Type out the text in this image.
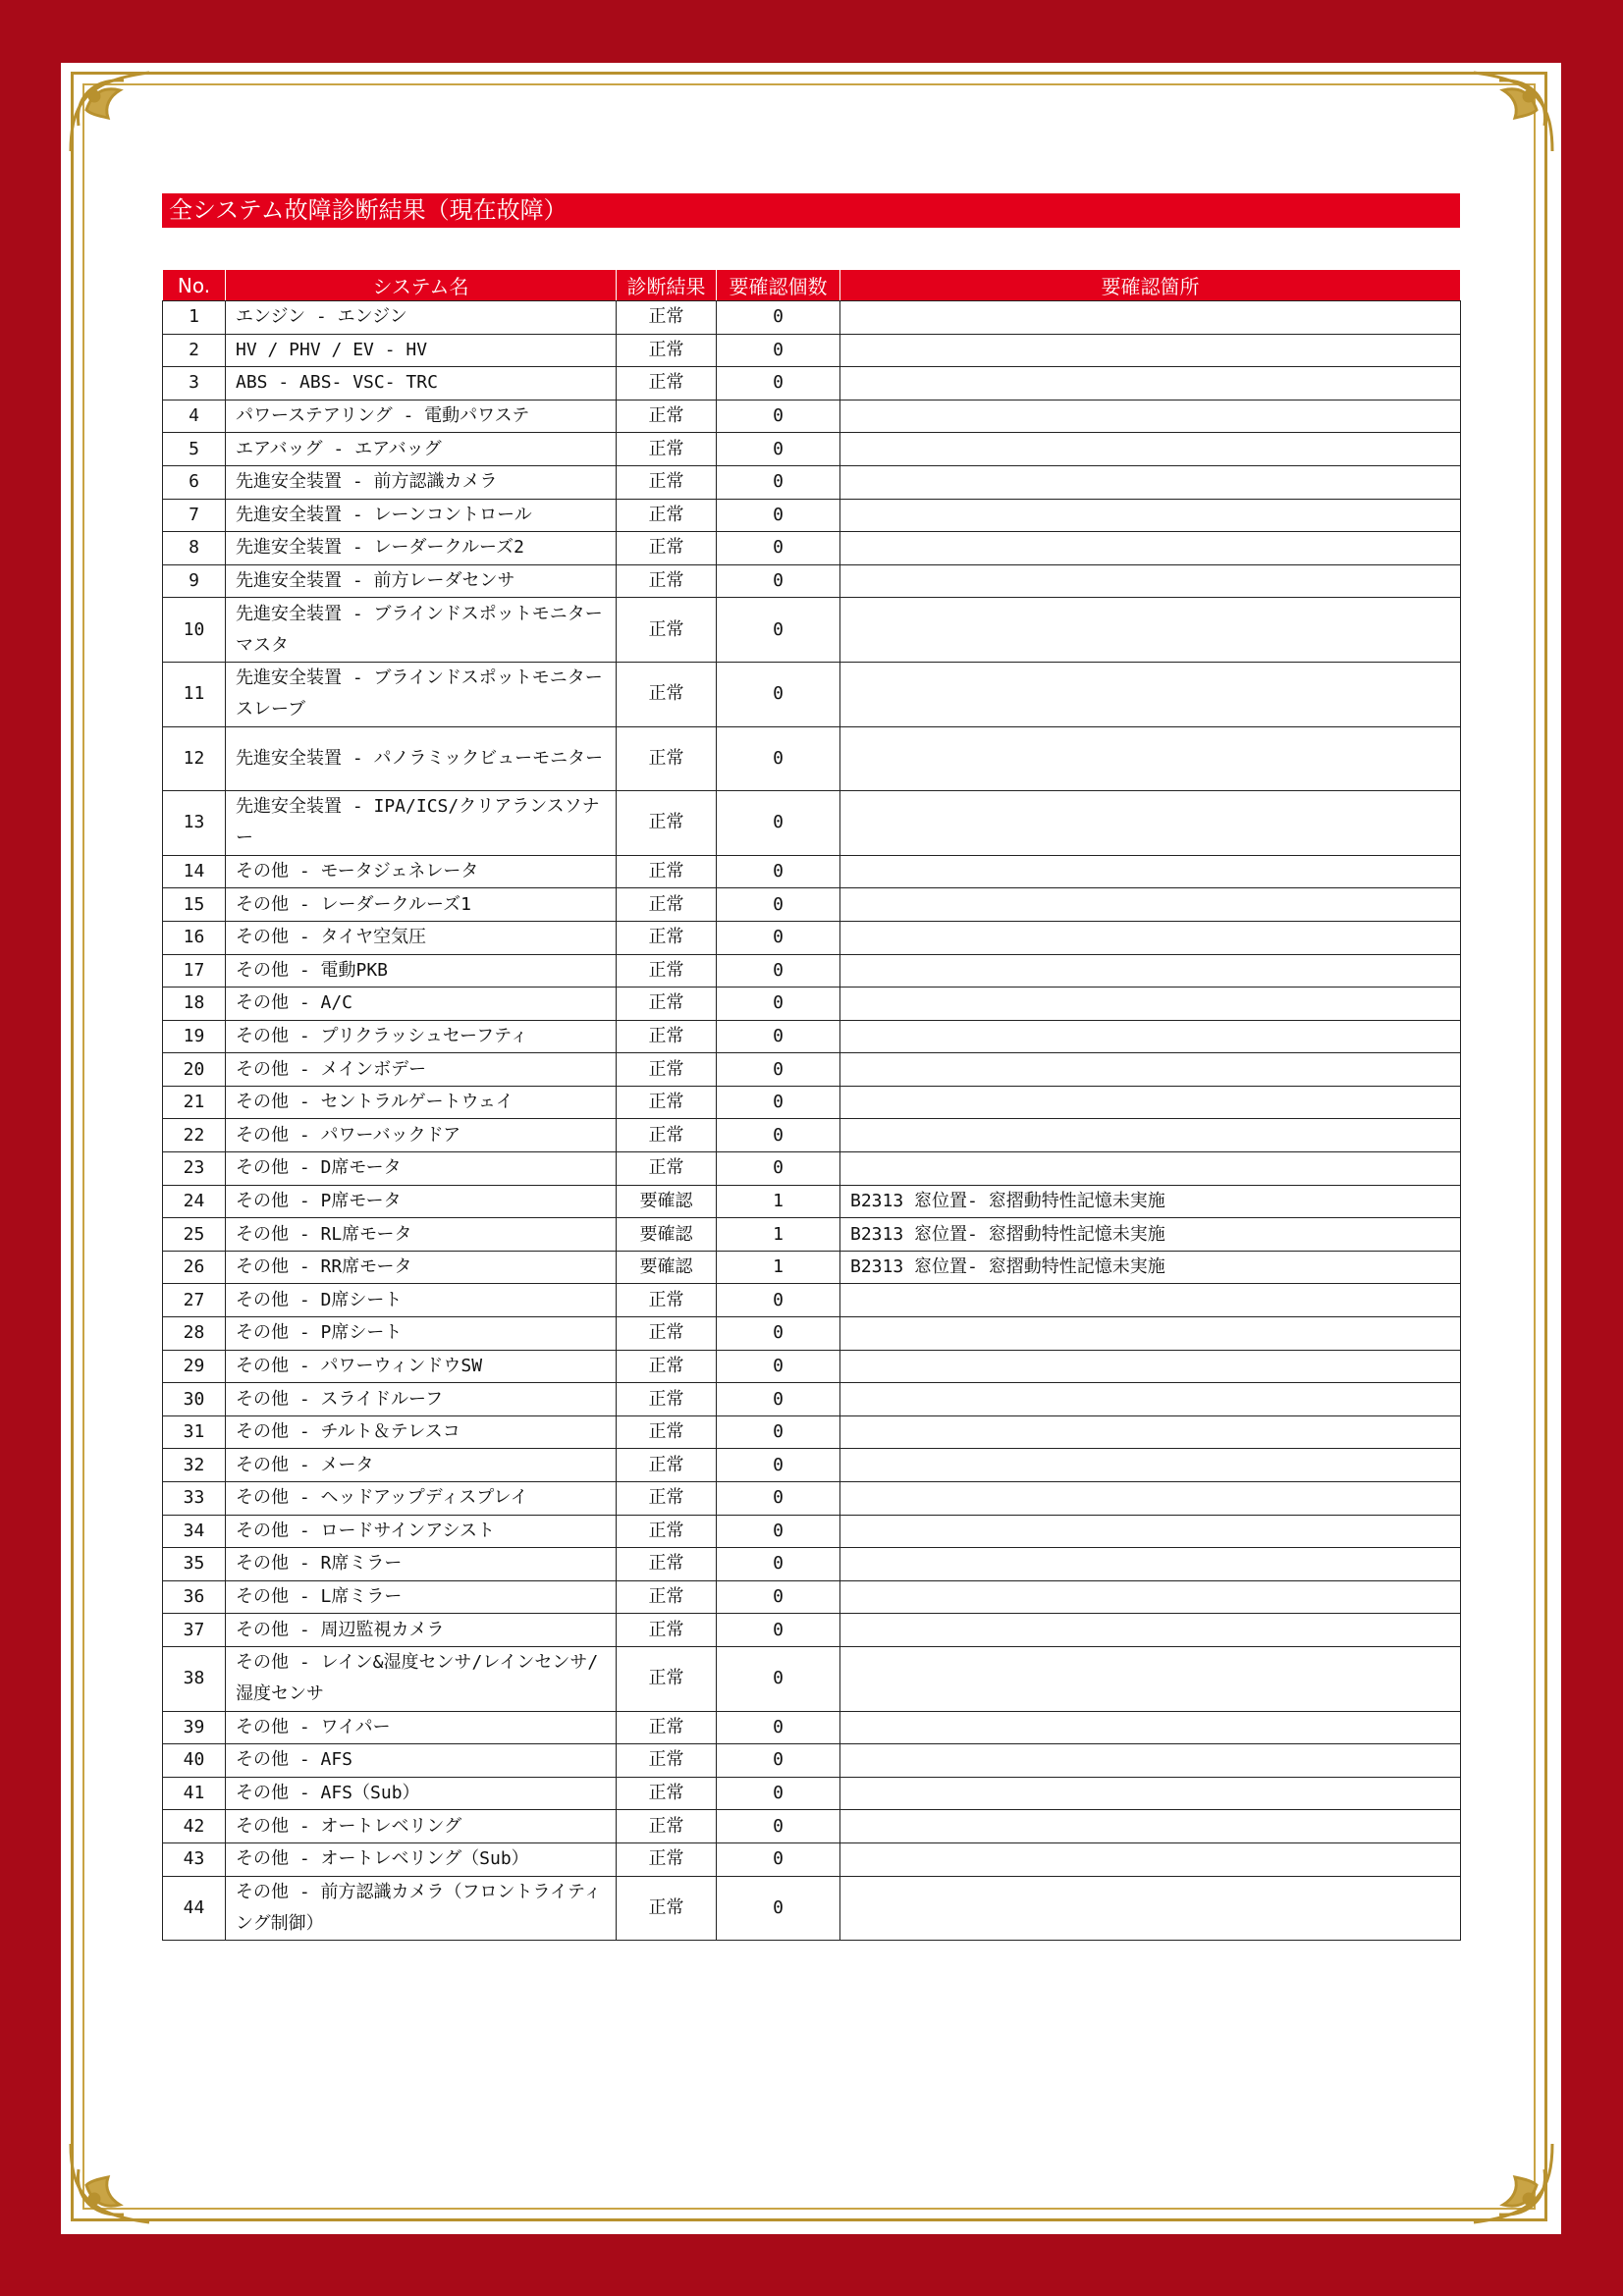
全システム故障診断結果（現在故障）
No.	システム名	診断結果	要確認個数	要確認箇所
1	エンジン - エンジン	正常	0	
2	HV / PHV / EV - HV	正常	0	
3	ABS - ABS- VSC- TRC	正常	0	
4	パワーステアリング - 電動パワステ	正常	0	
5	エアバッグ - エアバッグ	正常	0	
6	先進安全装置 - 前方認識カメラ	正常	0	
7	先進安全装置 - レーンコントロール	正常	0	
8	先進安全装置 - レーダークルーズ2	正常	0	
9	先進安全装置 - 前方レーダセンサ	正常	0	
10	先進安全装置 - ブラインドスポットモニター マスタ	正常	0	
11	先進安全装置 - ブラインドスポットモニター スレーブ	正常	0	
12	先進安全装置 - パノラミックビューモニター	正常	0	
13	先進安全装置 - IPA/ICS/クリアランスソナー	正常	0	
14	その他 - モータジェネレータ	正常	0	
15	その他 - レーダークルーズ1	正常	0	
16	その他 - タイヤ空気圧	正常	0	
17	その他 - 電動PKB	正常	0	
18	その他 - A/C	正常	0	
19	その他 - プリクラッシュセーフティ	正常	0	
20	その他 - メインボデー	正常	0	
21	その他 - セントラルゲートウェイ	正常	0	
22	その他 - パワーバックドア	正常	0	
23	その他 - D席モータ	正常	0	
24	その他 - P席モータ	要確認	1	B2313 窓位置- 窓摺動特性記憶未実施
25	その他 - RL席モータ	要確認	1	B2313 窓位置- 窓摺動特性記憶未実施
26	その他 - RR席モータ	要確認	1	B2313 窓位置- 窓摺動特性記憶未実施
27	その他 - D席シート	正常	0	
28	その他 - P席シート	正常	0	
29	その他 - パワーウィンドウSW	正常	0	
30	その他 - スライドルーフ	正常	0	
31	その他 - チルト＆テレスコ	正常	0	
32	その他 - メータ	正常	0	
33	その他 - ヘッドアップディスプレイ	正常	0	
34	その他 - ロードサインアシスト	正常	0	
35	その他 - R席ミラー	正常	0	
36	その他 - L席ミラー	正常	0	
37	その他 - 周辺監視カメラ	正常	0	
38	その他 - レイン&湿度センサ/レインセンサ/湿度センサ	正常	0	
39	その他 - ワイパー	正常	0	
40	その他 - AFS	正常	0	
41	その他 - AFS（Sub）	正常	0	
42	その他 - オートレベリング	正常	0	
43	その他 - オートレベリング（Sub）	正常	0	
44	その他 - 前方認識カメラ（フロントライティング制御）	正常	0	
